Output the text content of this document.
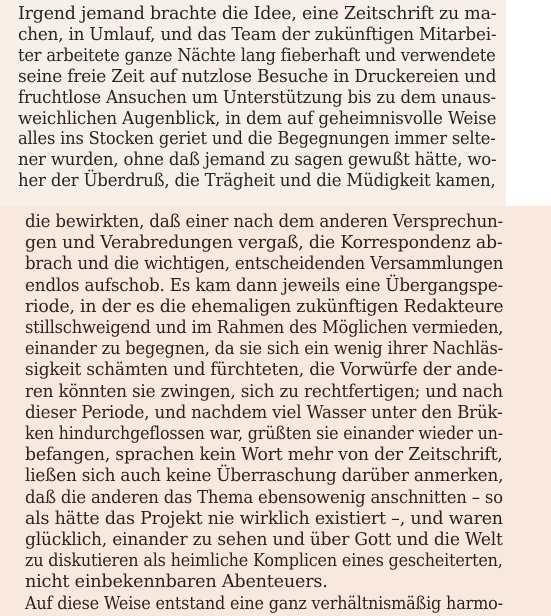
Irgend jemand brachte die Idee, eine Zeitschrift zu ma-
chen, in Umlauf, und das Team der zukünftigen Mitarbei-
ter arbeitete ganze Nächte lang fieberhaft und verwendete
seine freie Zeit auf nutzlose Besuche in Druckereien und
fruchtlose Ansuchen um Unterstützung bis zu dem unaus-
weichlichen Augenblick, in dem auf geheimnisvolle Weise
alles ins Stocken geriet und die Begegnungen immer selte-
ner wurden, ohne daß jemand zu sagen gewußt hätte, wo-
her der Überdruß, die Trägheit und die Müdigkeit kamen,
die bewirkten, daß einer nach dem anderen Versprechun-
gen und Verabredungen vergaß, die Korrespondenz ab-
brach und die wichtigen, entscheidenden Versammlungen
endlos aufschob. Es kam dann jeweils eine Übergangspe-
riode, in der es die ehemaligen zukünftigen Redakteure
stillschweigend und im Rahmen des Möglichen vermieden,
einander zu begegnen, da sie sich ein wenig ihrer Nachläs-
sigkeit schämten und fürchteten, die Vorwürfe der ande-
ren könnten sie zwingen, sich zu rechtfertigen; und nach
dieser Periode, und nachdem viel Wasser unter den Brük-
ken hindurchgeflossen war, grüßten sie einander wieder un-
befangen, sprachen kein Wort mehr von der Zeitschrift,
ließen sich auch keine Überraschung darüber anmerken,
daß die anderen das Thema ebensowenig anschnitten – so
als hätte das Projekt nie wirklich existiert –, und waren
glücklich, einander zu sehen und über Gott und die Welt
zu diskutieren als heimliche Komplicen eines gescheiterten,
nicht einbekennbaren Abenteuers.
Auf diese Weise entstand eine ganz verhältnismäßig harmo-
